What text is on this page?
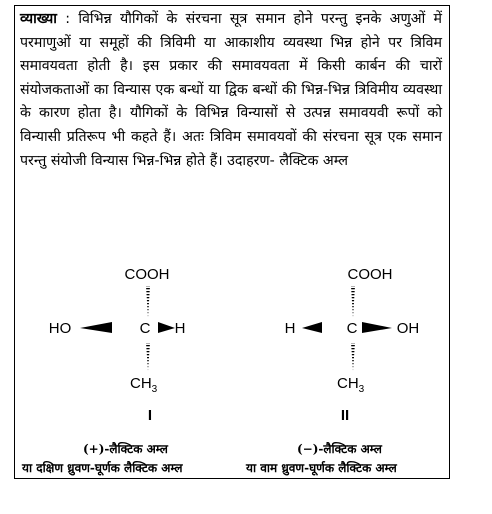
व्याख्या : विभिन्न यौगिकों के संरचना सूत्र समान होने परन्तु इनके अणुओं में परमाणुओं या समूहों की त्रिविमी या आकाशीय व्यवस्था भिन्न होने पर त्रिविम समावयवता होती है। इस प्रकार की समावयवता में किसी कार्बन की चारों संयोजकताओं का विन्यास एक बन्धों या द्विक बन्धों की भिन्न-भिन्न त्रिविमीय व्यवस्था के कारण होता है। यौगिकों के विभिन्न विन्यासों से उत्पन्न समावयवी रूपों को विन्यासी प्रतिरूप भी कहते हैं। अतः त्रिविम समावयवों की संरचना सूत्र एक समान परन्तु संयोजी विन्यास भिन्न-भिन्न होते हैं। उदाहरण- लैक्टिक अम्ल
COOH
C
HO	H
$CH_3$
I
COOH
C
H	OH
$CH_3$
II
(+)-लैक्टिक अम्ल
या दक्षिण ध्रुवण-घूर्णक लैक्टिक अम्ल
(−)-लैक्टिक अम्ल
या वाम ध्रुवण-घूर्णक लैक्टिक अम्ल
